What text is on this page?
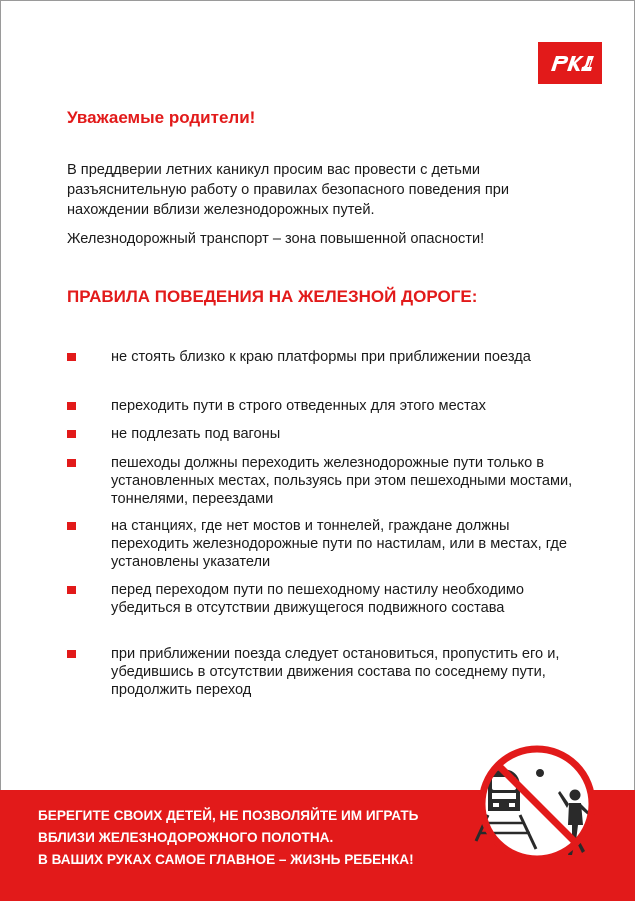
Уважаемые родители!

В преддверии летних каникул просим вас провести с детьми разъяснительную работу о правилах безопасного поведения при нахождении вблизи железнодорожных путей.

Железнодорожный транспорт – зона повышенной опасности!

ПРАВИЛА ПОВЕДЕНИЯ НА ЖЕЛЕЗНОЙ ДОРОГЕ:
не стоять близко к краю платформы при приближении поезда
переходить пути в строго отведенных для этого местах
не подлезать под вагоны
пешеходы должны переходить железнодорожные пути только в установленных местах, пользуясь при этом пешеходными мостами, тоннелями, переездами
на станциях, где нет мостов и тоннелей, граждане должны переходить железнодорожные пути по настилам, или в местах, где установлены указатели
перед переходом пути по пешеходному настилу необходимо убедиться в отсутствии движущегося подвижного состава
при приближении поезда следует остановиться, пропустить его и, убедившись в отсутствии движения состава по соседнему пути, продолжить переход

БЕРЕГИТЕ СВОИХ ДЕТЕЙ, НЕ ПОЗВОЛЯЙТЕ ИМ ИГРАТЬ
ВБЛИЗИ ЖЕЛЕЗНОДОРОЖНОГО ПОЛОТНА.
В ВАШИХ РУКАХ САМОЕ ГЛАВНОЕ – ЖИЗНЬ РЕБЕНКА!
